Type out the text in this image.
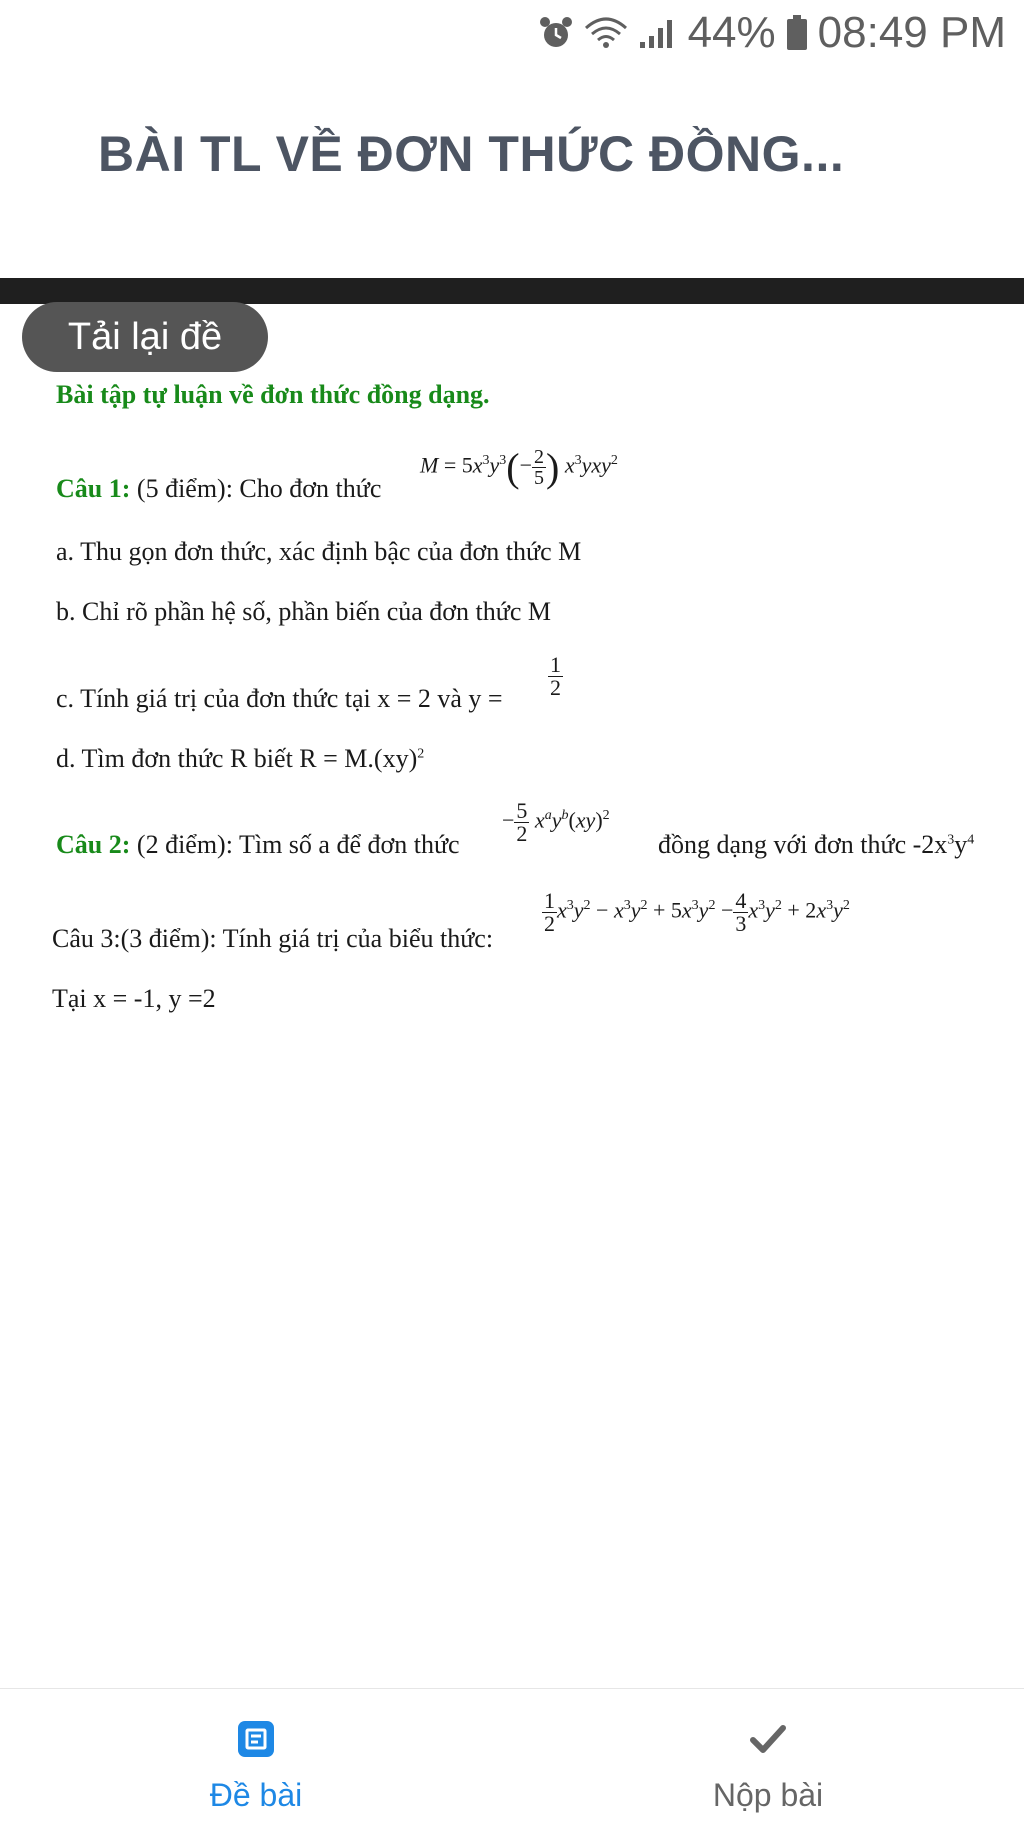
44% 08:49 PM
BÀI TL VỀ ĐƠN THỨC ĐỒNG...
Tải lại đề
Bài tập tự luận về đơn thức đồng dạng.
Câu 1: (5 điểm): Cho đơn thức
$M = 5x^3y^3(- \frac{2}{5}$ ) $x^3yxy^2$
a. Thu gọn đơn thức, xác định bậc của đơn thức M
b. Chỉ rõ phần hệ số, phần biến của đơn thức M
c. Tính giá trị của đơn thức tại x = 2 và $y = \frac{1}{2}$
d. Tìm đơn thức R biết R = M.(xy)$^2$
Câu 2: (2 điểm): Tìm số a để đơn thức
− $\frac{5}{2} x^ay^b(xy)^2$
đồng dạng với đơn thức $-2x^3y^4$
Câu 3:(3 điểm): Tính giá trị của biểu thức:
$\frac{1}{2} x^3y^2 - x^3y^2 + 5x^3y^2 - \frac{4}{3} x^3y^2 + 2x^3y^2$
Tại x = -1, y =2
Đề bài	Nộp bài
